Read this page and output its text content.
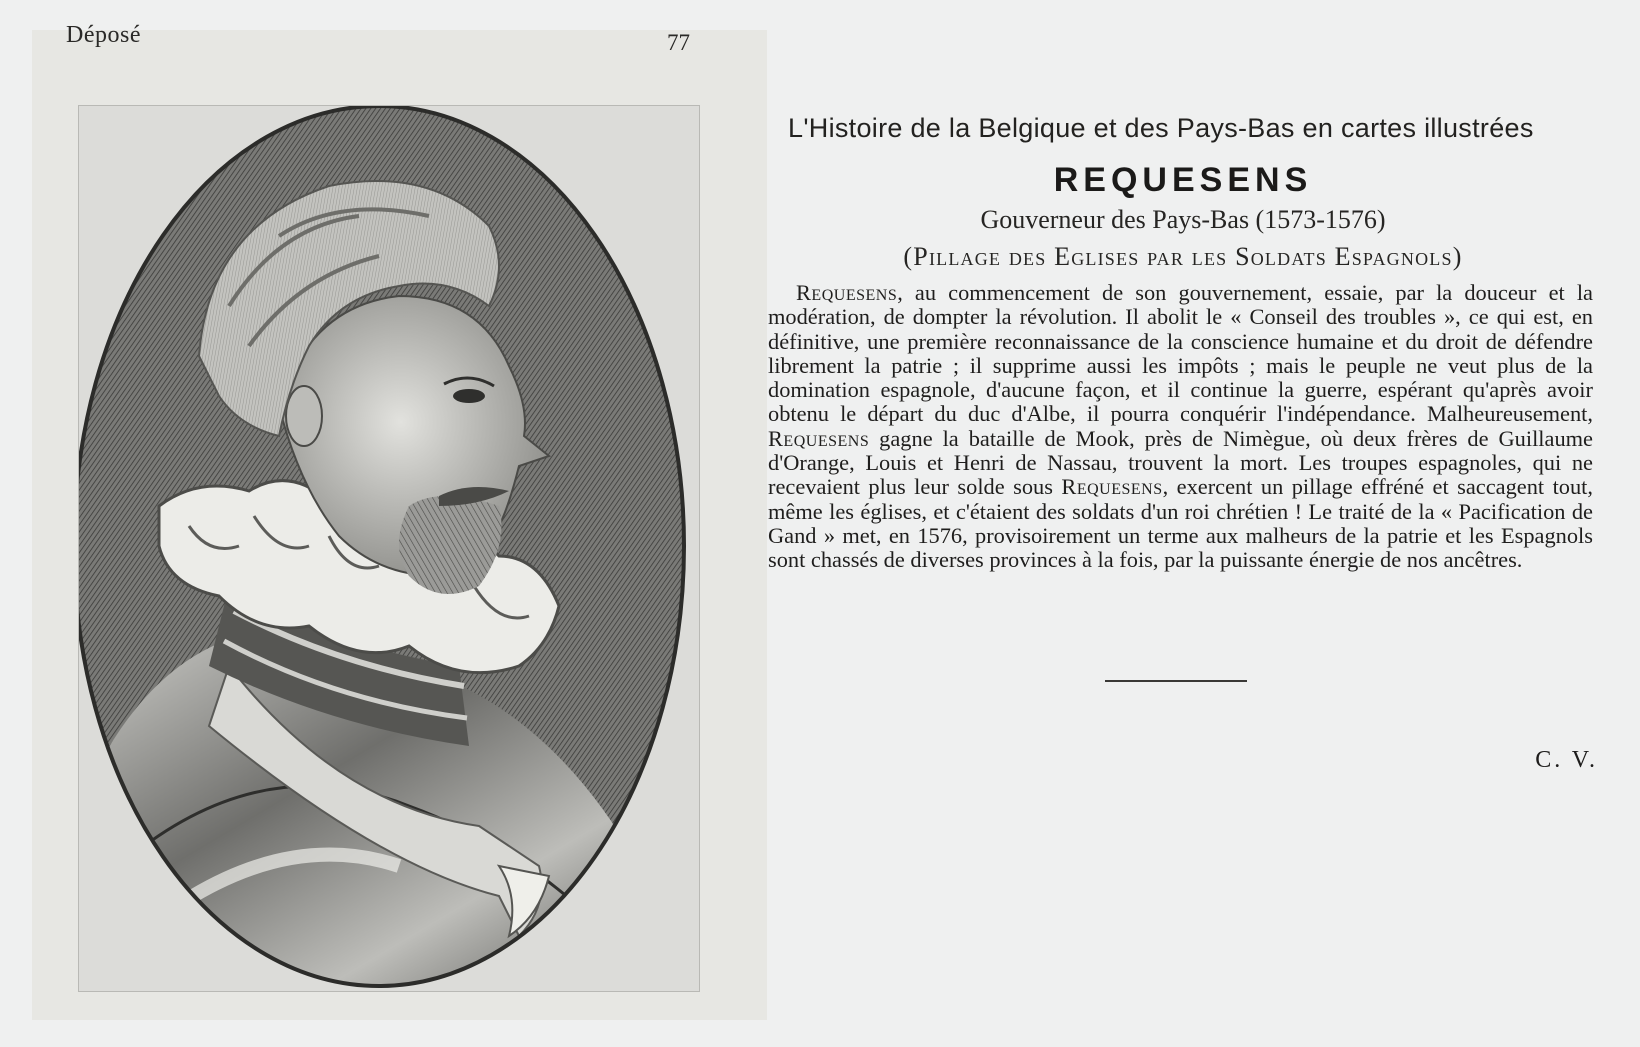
Déposé	77
L'Histoire de la Belgique et des Pays-Bas en cartes illustrées
REQUESENS
Gouverneur des Pays-Bas (1573-1576)
(Pillage des Eglises par les Soldats Espagnols)

Requesens, au commencement de son gouvernement, essaie, par la douceur et la modération, de dompter la révolution. Il abolit le « Conseil des troubles », ce qui est, en définitive, une première reconnaissance de la conscience humaine et du droit de défendre librement la patrie ; il supprime aussi les impôts ; mais le peuple ne veut plus de la domination espagnole, d'aucune façon, et il continue la guerre, espérant qu'après avoir obtenu le départ du duc d'Albe, il pourra conquérir l'indépendance. Malheureusement, Requesens gagne la bataille de Mook, près de Nimègue, où deux frères de Guillaume d'Orange, Louis et Henri de Nassau, trouvent la mort. Les troupes espagnoles, qui ne recevaient plus leur solde sous Requesens, exercent un pillage effréné et saccagent tout, même les églises, et c'étaient des soldats d'un roi chrétien ! Le traité de la « Pacification de Gand » met, en 1576, provisoirement un terme aux malheurs de la patrie et les Espagnols sont chassés de diverses provinces à la fois, par la puissante énergie de nos ancêtres.

C. V.
